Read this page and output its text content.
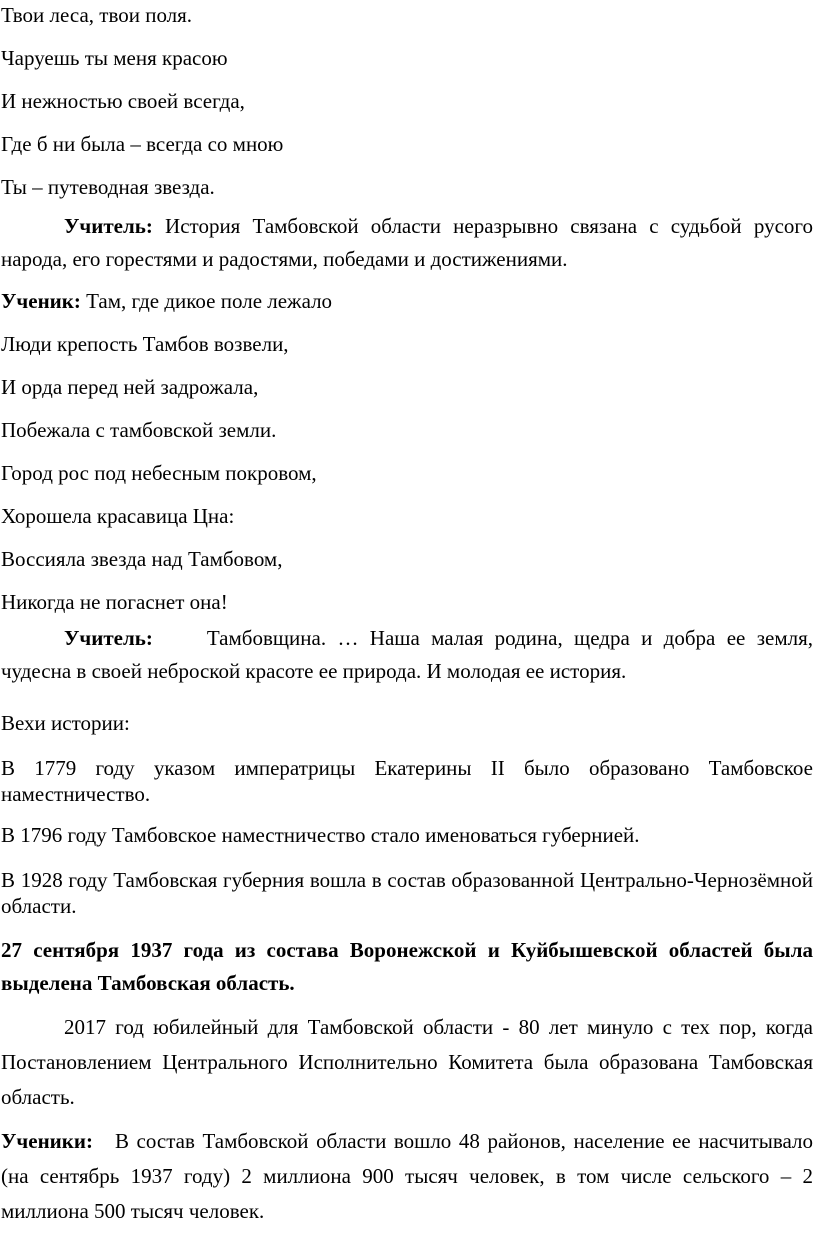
Твои леса, твои поля.
Чаруешь ты меня красою
И нежностью своей всегда,
Где б ни была – всегда со мною
Ты – путеводная звезда.
Учитель: История Тамбовской области неразрывно связана с судьбой русого народа, его горестями и радостями, победами и достижениями.
Ученик: Там, где дикое поле лежало
Люди крепость Тамбов возвели,
И орда перед ней задрожала,
Побежала с тамбовской земли.
Город рос под небесным покровом,
Хорошела красавица Цна:
Воссияла звезда над Тамбовом,
Никогда не погаснет она!
Учитель:	Тамбовщина. … Наша малая родина, щедра и добра ее земля, чудесна в своей неброской красоте ее природа. И молодая ее история.
Вехи истории:
В 1779 году указом императрицы Екатерины II было образовано Тамбовское наместничество.
В 1796 году Тамбовское наместничество стало именоваться губернией.
В 1928 году Тамбовская губерния вошла в состав образованной Центрально-Чернозёмной области.
27 сентября 1937 года из состава Воронежской и Куйбышевской областей была выделена Тамбовская область.
2017 год юбилейный для Тамбовской области - 80 лет минуло с тех пор, когда Постановлением Центрального Исполнительно Комитета была образована Тамбовская область.
Ученики: В состав Тамбовской области вошло 48 районов, население ее насчитывало (на сентябрь 1937 году) 2 миллиона 900 тысяч человек, в том числе сельского – 2 миллиона 500 тысяч человек.
